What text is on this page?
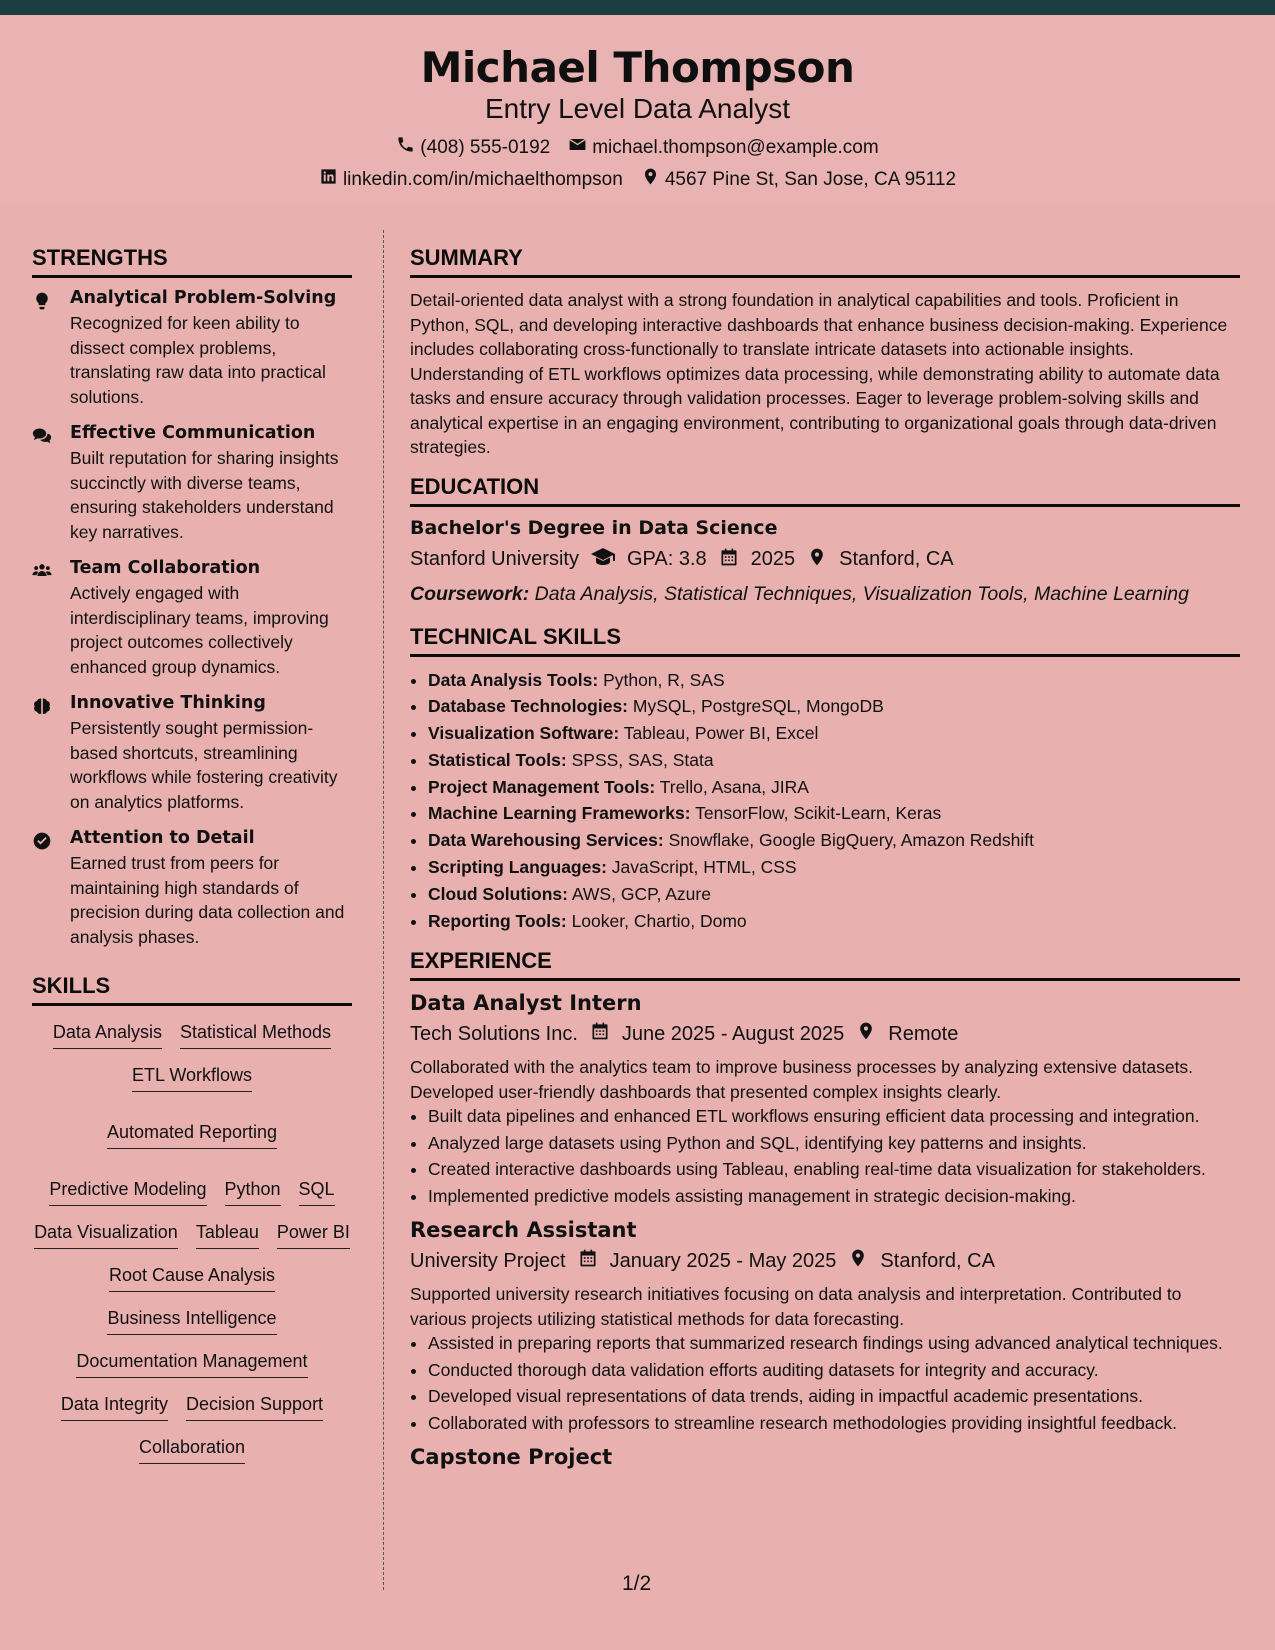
Michael Thompson
Entry Level Data Analyst
(408) 555-0192 michael.thompson@example.com
linkedin.com/in/michaelthompson 4567 Pine St, San Jose, CA 95112
STRENGTHS
Analytical Problem-Solving
Recognized for keen ability to dissect complex problems, translating raw data into practical solutions.
Effective Communication
Built reputation for sharing insights succinctly with diverse teams, ensuring stakeholders understand key narratives.
Team Collaboration
Actively engaged with interdisciplinary teams, improving project outcomes collectively enhanced group dynamics.
Innovative Thinking
Persistently sought permission-based shortcuts, streamlining workflows while fostering creativity on analytics platforms.
Attention to Detail
Earned trust from peers for maintaining high standards of precision during data collection and analysis phases.
SKILLS
Data Analysis Statistical Methods
ETL Workflows
Automated Reporting
Predictive Modeling Python SQL
Data Visualization Tableau Power BI
Root Cause Analysis
Business Intelligence
Documentation Management
Data Integrity Decision Support
Collaboration
SUMMARY
Detail-oriented data analyst with a strong foundation in analytical capabilities and tools. Proficient in Python, SQL, and developing interactive dashboards that enhance business decision-making. Experience includes collaborating cross-functionally to translate intricate datasets into actionable insights. Understanding of ETL workflows optimizes data processing, while demonstrating ability to automate data tasks and ensure accuracy through validation processes. Eager to leverage problem-solving skills and analytical expertise in an engaging environment, contributing to organizational goals through data-driven strategies.
EDUCATION
Bachelor's Degree in Data Science
Stanford University GPA: 3.8 2025 Stanford, CA
Coursework: Data Analysis, Statistical Techniques, Visualization Tools, Machine Learning
TECHNICAL SKILLS
• Data Analysis Tools: Python, R, SAS
• Database Technologies: MySQL, PostgreSQL, MongoDB
• Visualization Software: Tableau, Power BI, Excel
• Statistical Tools: SPSS, SAS, Stata
• Project Management Tools: Trello, Asana, JIRA
• Machine Learning Frameworks: TensorFlow, Scikit-Learn, Keras
• Data Warehousing Services: Snowflake, Google BigQuery, Amazon Redshift
• Scripting Languages: JavaScript, HTML, CSS
• Cloud Solutions: AWS, GCP, Azure
• Reporting Tools: Looker, Chartio, Domo
EXPERIENCE
Data Analyst Intern
Tech Solutions Inc. June 2025 - August 2025 Remote
Collaborated with the analytics team to improve business processes by analyzing extensive datasets. Developed user-friendly dashboards that presented complex insights clearly.
• Built data pipelines and enhanced ETL workflows ensuring efficient data processing and integration.
• Analyzed large datasets using Python and SQL, identifying key patterns and insights.
• Created interactive dashboards using Tableau, enabling real-time data visualization for stakeholders.
• Implemented predictive models assisting management in strategic decision-making.
Research Assistant
University Project January 2025 - May 2025 Stanford, CA
Supported university research initiatives focusing on data analysis and interpretation. Contributed to various projects utilizing statistical methods for data forecasting.
• Assisted in preparing reports that summarized research findings using advanced analytical techniques.
• Conducted thorough data validation efforts auditing datasets for integrity and accuracy.
• Developed visual representations of data trends, aiding in impactful academic presentations.
• Collaborated with professors to streamline research methodologies providing insightful feedback.
Capstone Project
1/2
